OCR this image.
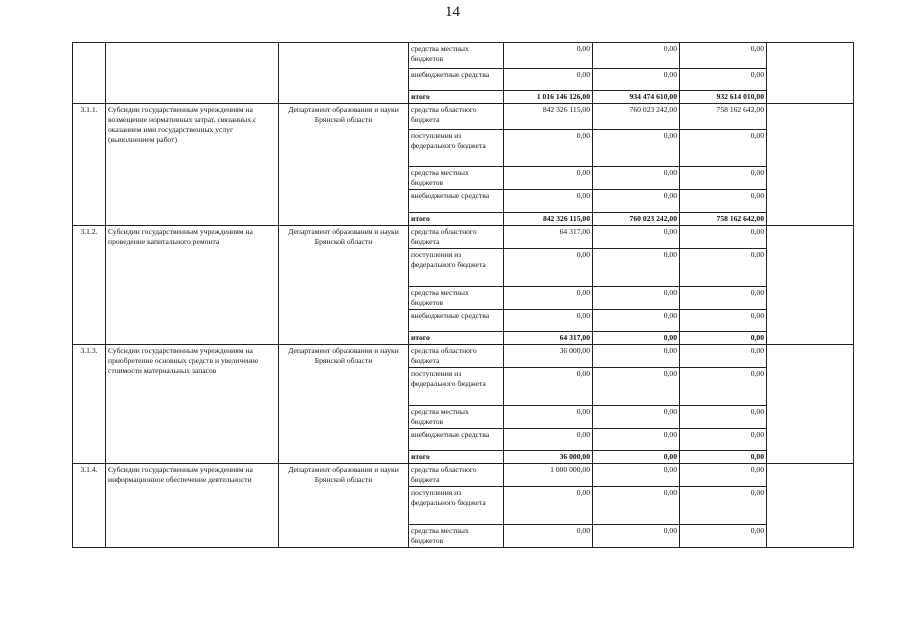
14
			средства местных бюджетов	0,00	0,00	0,00	
			внебюджетные средства	0,00	0,00	0,00	
			итого	1 016 146 126,00	934 474 610,00	932 614 010,00	
3.1.1.	Субсидии государственным учреждениям на возмещение нормативных затрат, связанных с оказанием ими государственных услуг (выполнением работ)	Департамент образования и науки Брянской области	средства областного бюджета	842 326 115,00	760 023 242,00	758 162 642,00	
			поступления из федерального бюджета	0,00	0,00	0,00	
			средства местных бюджетов	0,00	0,00	0,00	
			внебюджетные средства	0,00	0,00	0,00	
			итого	842 326 115,00	760 023 242,00	758 162 642,00	
3.1.2.	Субсидии государственным учреждениям на проведение капитального ремонта	Департамент образования и науки Брянской области	средства областного бюджета	64 317,00	0,00	0,00	
			поступления из федерального бюджета	0,00	0,00	0,00	
			средства местных бюджетов	0,00	0,00	0,00	
			внебюджетные средства	0,00	0,00	0,00	
			итого	64 317,00	0,00	0,00	
3.1.3.	Субсидии государственным учреждениям на приобретение основных средств и увеличение стоимости материальных запасов	Департамент образования и науки Брянской области	средства областного бюджета	36 000,00	0,00	0,00	
			поступления из федерального бюджета	0,00	0,00	0,00	
			средства местных бюджетов	0,00	0,00	0,00	
			внебюджетные средства	0,00	0,00	0,00	
			итого	36 000,00	0,00	0,00	
3.1.4.	Субсидии государственным учреждениям на информационное обеспечение деятельности	Департамент образования и науки Брянской области	средства областного бюджета	1 000 000,00	0,00	0,00	
			поступления из федерального бюджета	0,00	0,00	0,00	
			средства местных бюджетов	0,00	0,00	0,00	
